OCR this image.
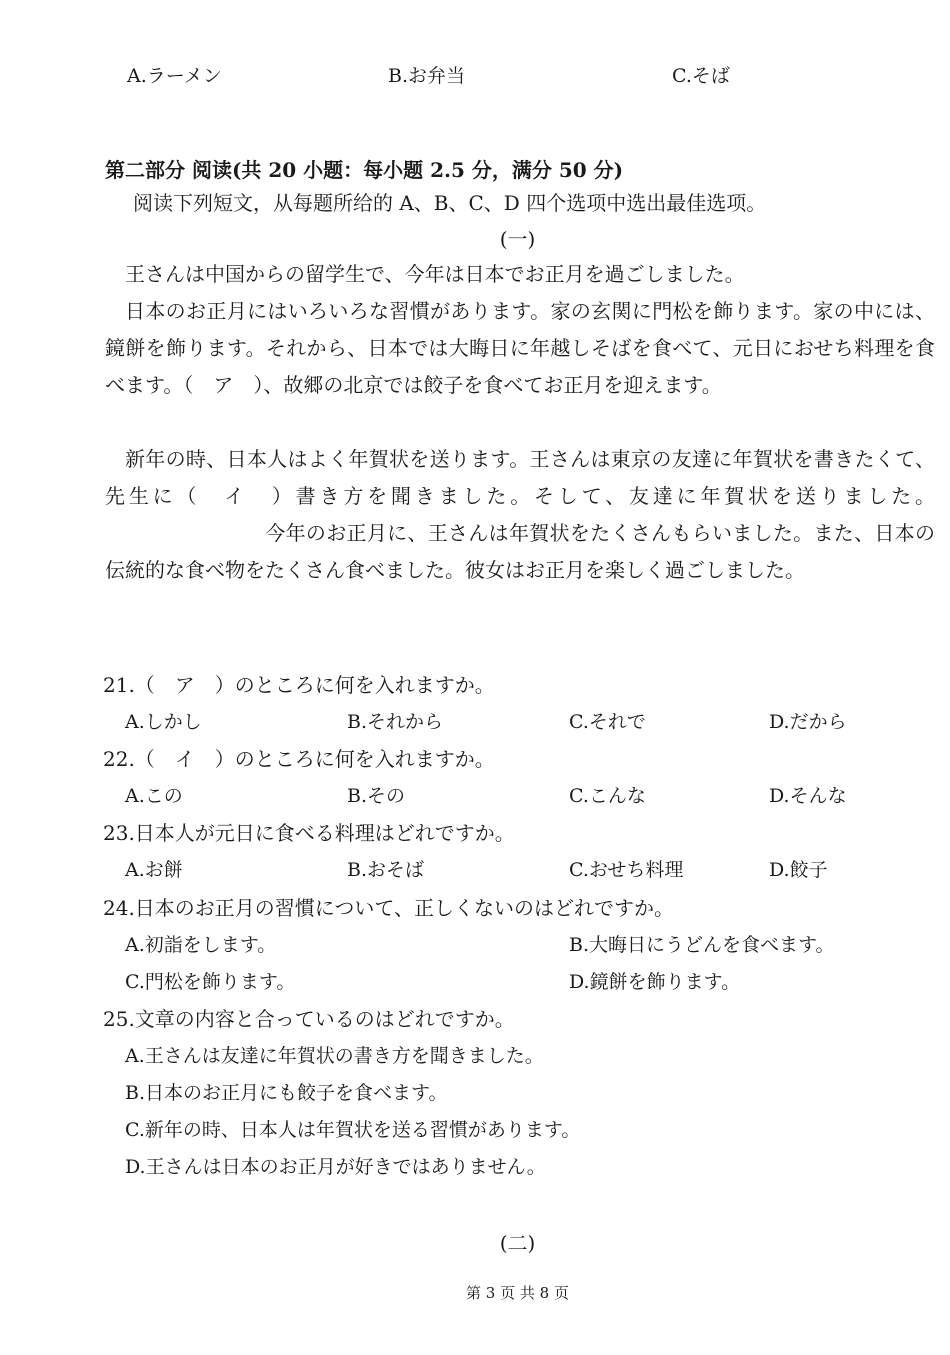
A.ラーメン	B.お弁当	C.そば
第二部分 阅读(共 20 小题：每小题 2.5 分，满分 50 分)
阅读下列短文，从每题所给的 A、B、C、D 四个选项中选出最佳选项。
(一)
王さんは中国からの留学生で、今年は日本でお正月を過ごしました。
日本のお正月にはいろいろな習慣があります。家の玄関に門松を飾ります。家の中には、鏡餅を飾ります。それから、日本では大晦日に年越しそばを食べて、元日におせち料理を食べます。（　ア　）、故郷の北京では餃子を食べてお正月を迎えます。
新年の時、日本人はよく年賀状を送ります。王さんは東京の友達に年賀状を書きたくて、先生に（　イ　）書き方を聞きました。そして、友達に年賀状を送りました。今年のお正月に、王さんは年賀状をたくさんもらいました。また、日本の伝統的な食べ物をたくさん食べました。彼女はお正月を楽しく過ごしました。
21.（　ア　）のところに何を入れますか。
A.しかし	B.それから	C.それで	D.だから
22.（　イ　）のところに何を入れますか。
A.この	B.その	C.こんな	D.そんな
23.日本人が元日に食べる料理はどれですか。
A.お餅	B.おそば	C.おせち料理	D.餃子
24.日本のお正月の習慣について、正しくないのはどれですか。
A.初詣をします。	B.大晦日にうどんを食べます。
C.門松を飾ります。	D.鏡餅を飾ります。
25.文章の内容と合っているのはどれですか。
A.王さんは友達に年賀状の書き方を聞きました。
B.日本のお正月にも餃子を食べます。
C.新年の時、日本人は年賀状を送る習慣があります。
D.王さんは日本のお正月が好きではありません。
(二)
第 3 页 共 8 页
